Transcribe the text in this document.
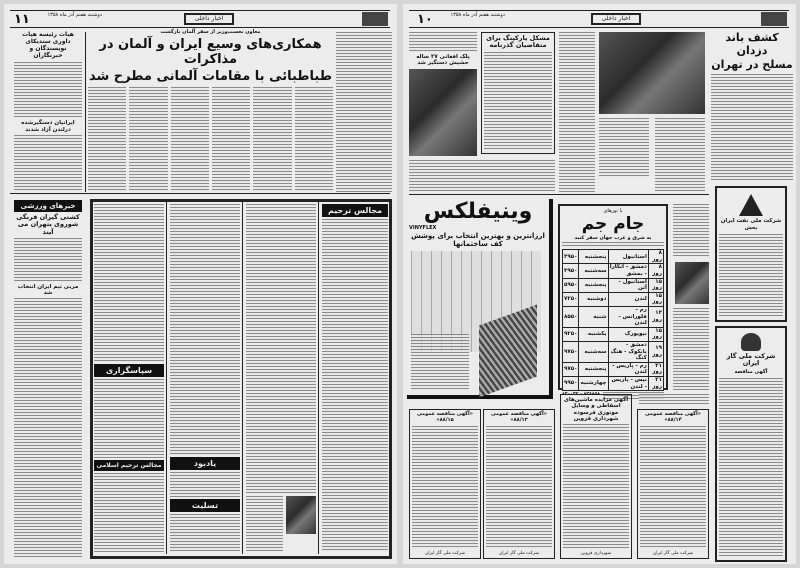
۱۱	دوشنبه هفتم آذر ماه ۱۳۵۸	اخبار داخلی
هیات رئیسه هیات داوری سندیکای نویسندگان و خبرنگاران
ایرانیان دستگیرشده درلندن آزاد شدند
معاون نخست‌وزیر از سفر آلمان بازگشت
همکاری‌های وسیع ایران و آلمان در مذاکرات
طباطبائی با مقامات آلمانی مطرح شد
خبرهای ورزشی
کشتی گیران فرنگی شوروی بتهران می آیند
مربی تیم ایران انتخاب شد
مجالس ترحیم
یادبود
تسلیت
سپاسگزاری
مجالس ترحیم اسلامی
۱۰	دوشنبه هفتم آذر ماه ۱۳۵۸	اخبار داخلی
کشف باند دزدان
مسلح در تهران
مشکل پارکینگ برای متقاضیان گذرنامه
پلک افغانی ۲۷ ساله حشیش دستگیر شد
وینیفلکس
VINYFLEX
ارزانترین و بهترین انتخاب برای پوشش کف ساختمانها
با تورهای
جام جم
به شرق و غرب جهان سفر کنید
۳۹۵۰	پنجشنبه	استانبول	۸ روز
۴۹۵۰	سه‌شنبه	دمشق - آنکارا - بمشق	۸ روز
۵۹۵۰	پنجشنبه	استانبول - آتن	۱۵ روز
۷۲۵۰	دوشنبه	لندن	۱۵ روز
۸۵۵۰	شنبه	رم - فلورانس - لندن	۱۴ روز
۹۲۵۰	یکشنبه	نیویورک	۱۵ روز
۹۷۵۰	سه‌شنبه	دمشق - بانکوک - هنگ کنگ	۱۹ روز
۹۷۵۰	پنجشنبه	رم - پاریس - لندن	۲۱ روز
۹۹۵۰	چهارشنبه	نیس - پاریس - لندن	۲۱ روز
۸۲۶۸۵۸ - ۸۳۰۰۳۲
شرکت ملی نفت ایران
پخش
شرکت ملی گاز ایران
آگهی مناقصه
«آگهی مناقصه عمومی ۸۸/۱۵»
شرکت ملی گاز ایران
«آگهی مناقصه عمومی ۸۸/۱۳»
شرکت ملی گاز ایران
آگهی مزایده ماشین‌های اسقاطی و وسایل موتوری فرسوده شهرداری قزوین
شهرداری قزوین
«آگهی مناقصه عمومی ۸۸/۱۴»
شرکت ملی گاز ایران
